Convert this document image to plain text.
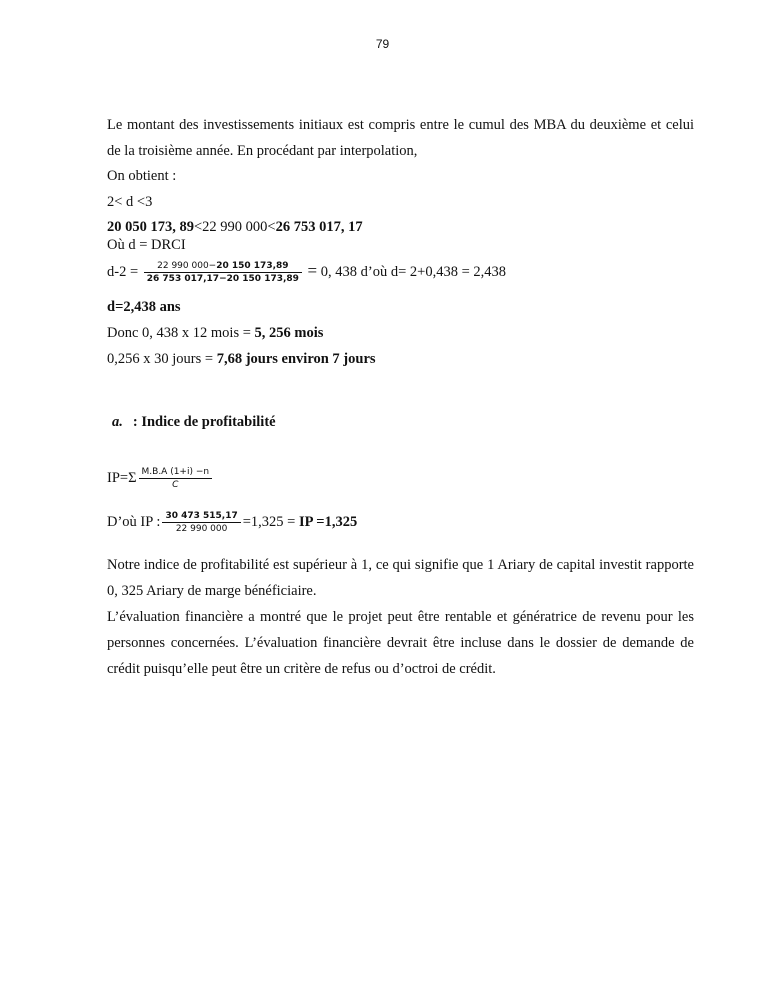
79

Le montant des investissements initiaux est compris entre le cumul des MBA du deuxième et celui de la troisième année. En procédant par interpolation,

On obtient :
2< d <3
20 050 173, 89<22 990 000<26 753 017, 17
Où d = DRCI
$d-2 = \frac{22 990 000-20 150 173,89}{26 753 017,17-20 150 173,89} = 0$, 438 d’où d= 2+0,438 = 2,438
d=2,438 ans
Donc 0, 438 x 12 mois = 5, 256 mois
0,256 x 30 jours = 7,68 jours environ 7 jours
a. : Indice de profitabilité
$IP=\Sigma \frac{M.B.A (1+i) -n}{C}$
D’où IP : $\frac{30 473 515,17}{22 990 000} =1,325$ = IP =1,325

Notre indice de profitabilité est supérieur à 1, ce qui signifie que 1 Ariary de capital investit rapporte 0, 325 Ariary de marge bénéficiaire.

L’évaluation financière a montré que le projet peut être rentable et génératrice de revenu pour les personnes concernées. L’évaluation financière devrait être incluse dans le dossier de demande de crédit puisqu’elle peut être un critère de refus ou d’octroi de crédit.
